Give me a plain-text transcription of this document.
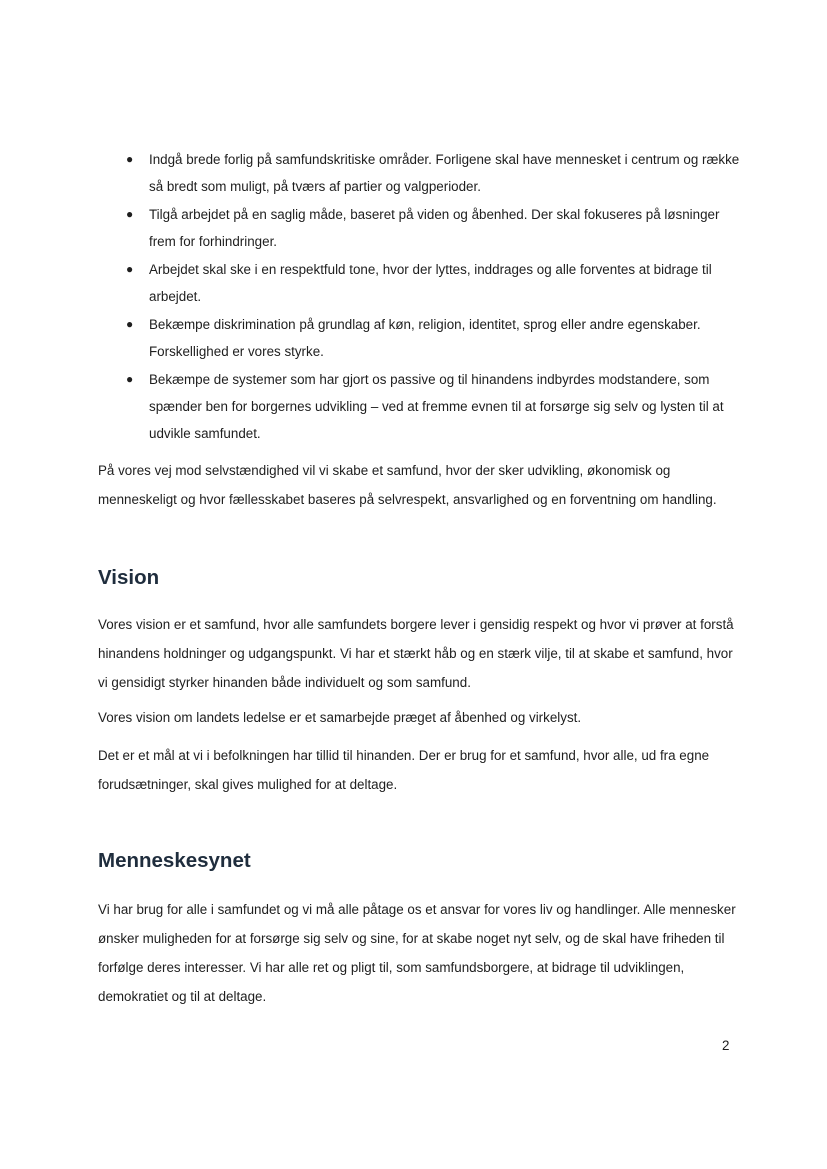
● Indgå brede forlig på samfundskritiske områder. Forligene skal have mennesket i centrum og række så bredt som muligt, på tværs af partier og valgperioder.
● Tilgå arbejdet på en saglig måde, baseret på viden og åbenhed. Der skal fokuseres på løsninger frem for forhindringer.
● Arbejdet skal ske i en respektfuld tone, hvor der lyttes, inddrages og alle forventes at bidrage til arbejdet.
● Bekæmpe diskrimination på grundlag af køn, religion, identitet, sprog eller andre egenskaber. Forskellighed er vores styrke.
● Bekæmpe de systemer som har gjort os passive og til hinandens indbyrdes modstandere, som spænder ben for borgernes udvikling – ved at fremme evnen til at forsørge sig selv og lysten til at udvikle samfundet.

På vores vej mod selvstændighed vil vi skabe et samfund, hvor der sker udvikling, økonomisk og menneskeligt og hvor fællesskabet baseres på selvrespekt, ansvarlighed og en forventning om handling.

Vision

Vores vision er et samfund, hvor alle samfundets borgere lever i gensidig respekt og hvor vi prøver at forstå hinandens holdninger og udgangspunkt. Vi har et stærkt håb og en stærk vilje, til at skabe et samfund, hvor vi gensidigt styrker hinanden både individuelt og som samfund.

Vores vision om landets ledelse er et samarbejde præget af åbenhed og virkelyst.

Det er et mål at vi i befolkningen har tillid til hinanden. Der er brug for et samfund, hvor alle, ud fra egne forudsætninger, skal gives mulighed for at deltage.

Menneskesynet

Vi har brug for alle i samfundet og vi må alle påtage os et ansvar for vores liv og handlinger. Alle mennesker ønsker muligheden for at forsørge sig selv og sine, for at skabe noget nyt selv, og de skal have friheden til forfølge deres interesser. Vi har alle ret og pligt til, som samfundsborgere, at bidrage til udviklingen, demokratiet og til at deltage.

2
